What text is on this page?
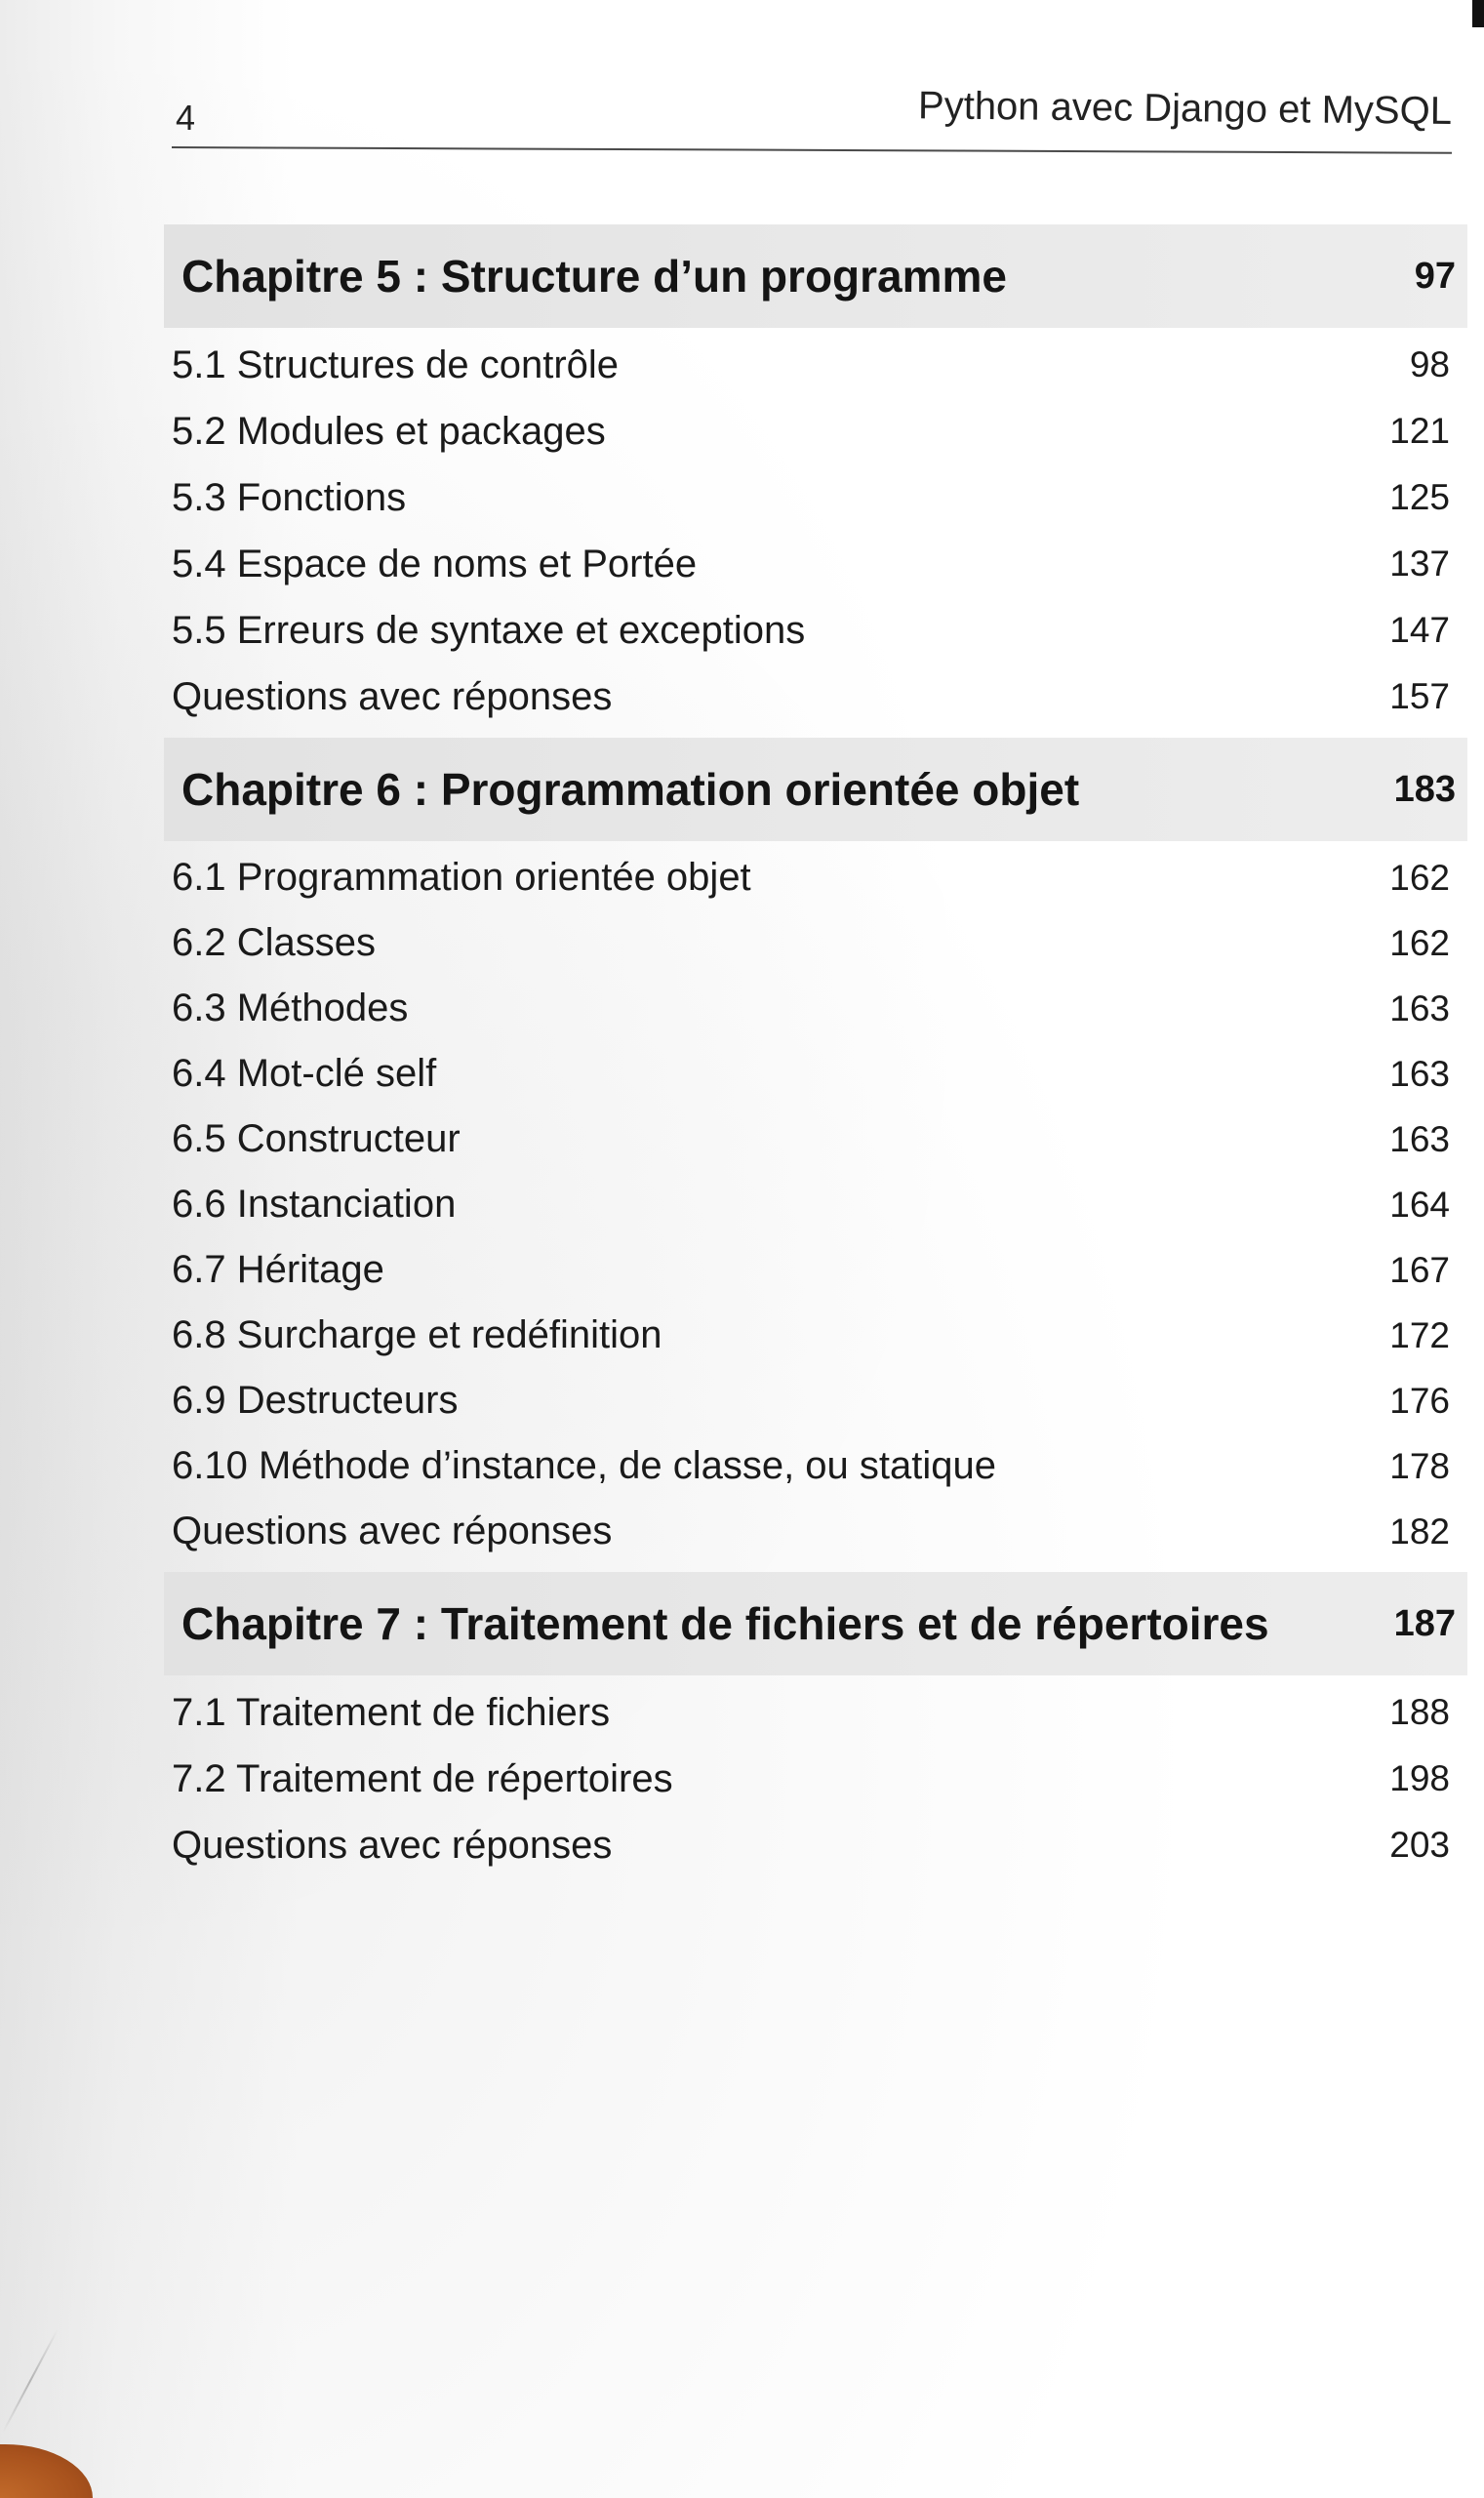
4	Python avec Django et MySQL
Chapitre 5 : Structure d’un programme	97
5.1 Structures de contrôle	98
5.2 Modules et packages	121
5.3 Fonctions	125
5.4 Espace de noms et Portée	137
5.5 Erreurs de syntaxe et exceptions	147
Questions avec réponses	157
Chapitre 6 : Programmation orientée objet	183
6.1 Programmation orientée objet	162
6.2 Classes	162
6.3 Méthodes	163
6.4 Mot-clé self	163
6.5 Constructeur	163
6.6 Instanciation	164
6.7 Héritage	167
6.8 Surcharge et redéfinition	172
6.9 Destructeurs	176
6.10 Méthode d’instance, de classe, ou statique	178
Questions avec réponses	182
Chapitre 7 : Traitement de fichiers et de répertoires	187
7.1 Traitement de fichiers	188
7.2 Traitement de répertoires	198
Questions avec réponses	203
